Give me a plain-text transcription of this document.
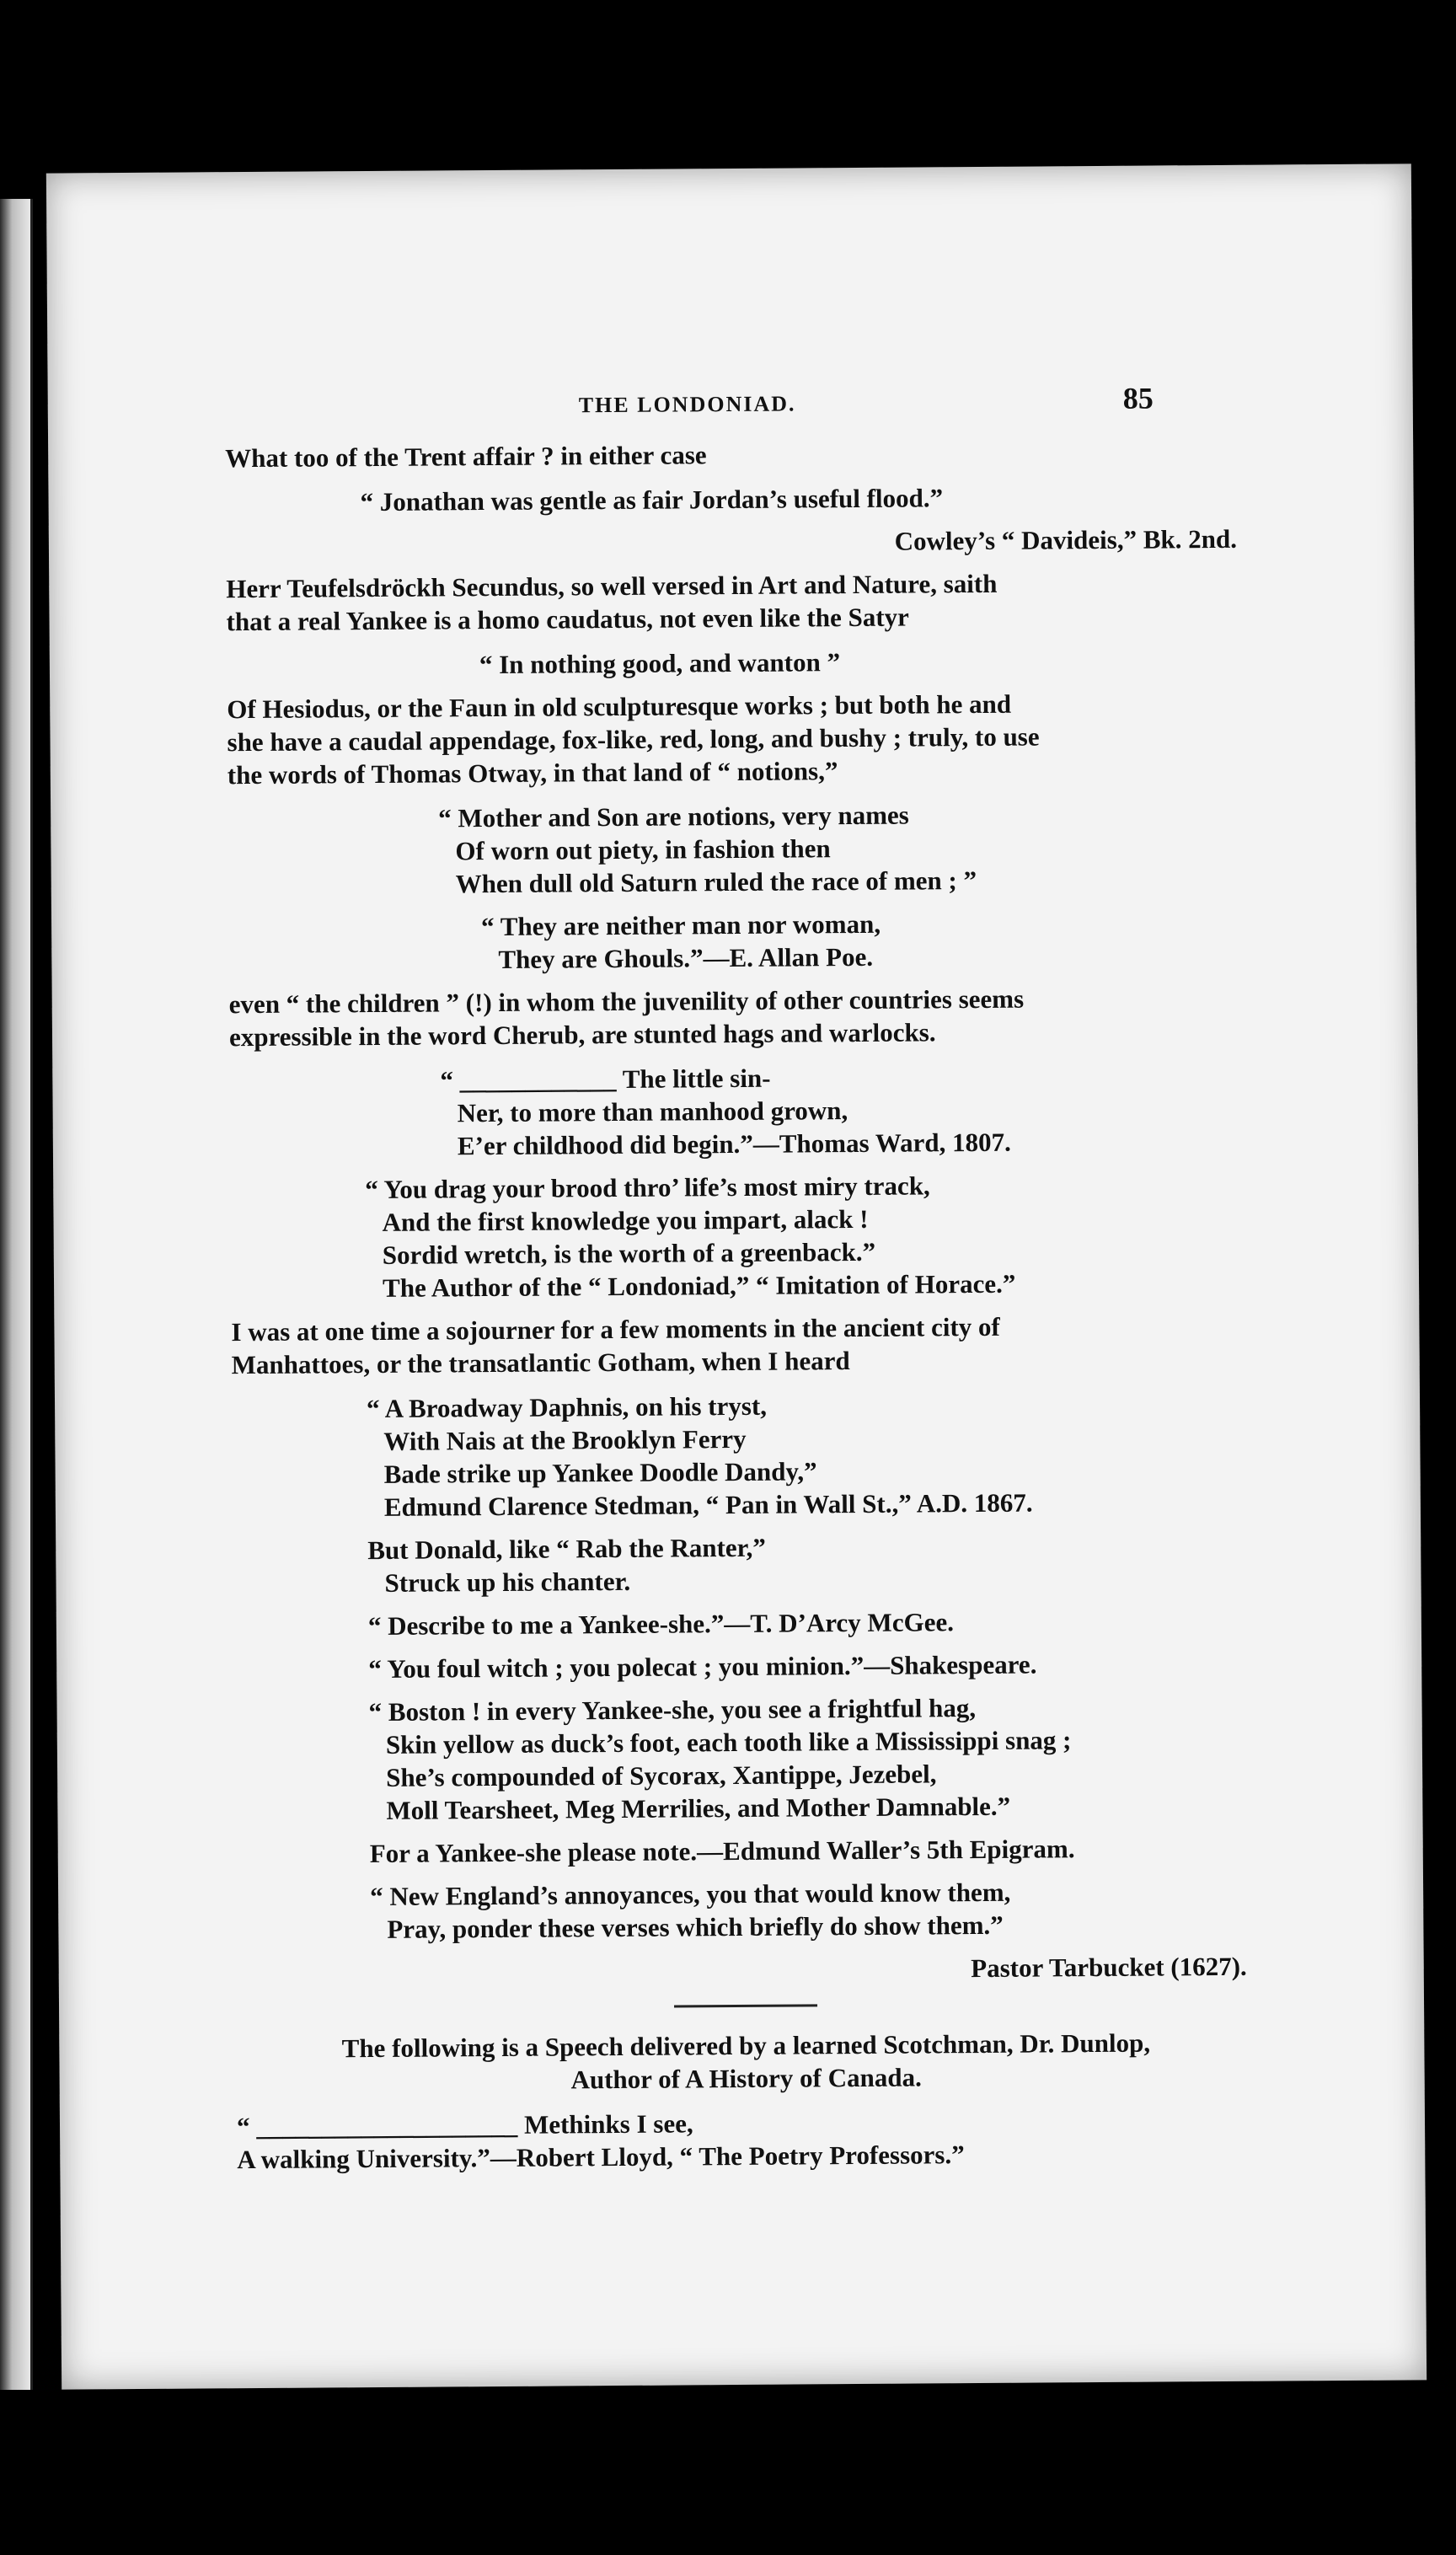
THE LONDONIAD.	85
What too of the Trent affair ? in either case
“ Jonathan was gentle as fair Jordan’s useful flood.”
Cowley’s “ Davideis,” Bk. 2nd.
Herr Teufelsdröckh Secundus, so well versed in Art and Nature, saith
that a real Yankee is a homo caudatus, not even like the Satyr
“ In nothing good, and wanton ”
Of Hesiodus, or the Faun in old sculpturesque works ; but both he and
she have a caudal appendage, fox-like, red, long, and bushy ; truly, to use
the words of Thomas Otway, in that land of “ notions,”
“ Mother and Son are notions, very names
Of worn out piety, in fashion then
When dull old Saturn ruled the race of men ; ”
“ They are neither man nor woman,
They are Ghouls.”—E. Allan Poe.
even “ the children ” (!) in whom the juvenility of other countries seems
expressible in the word Cherub, are stunted hags and warlocks.
“ ____________ The little sin-
Ner, to more than manhood grown,
E’er childhood did begin.”—Thomas Ward, 1807.
“ You drag your brood thro’ life’s most miry track,
And the first knowledge you impart, alack !
Sordid wretch, is the worth of a greenback.”
The Author of the “ Londoniad,” “ Imitation of Horace.”
I was at one time a sojourner for a few moments in the ancient city of
Manhattoes, or the transatlantic Gotham, when I heard
“ A Broadway Daphnis, on his tryst,
With Nais at the Brooklyn Ferry
Bade strike up Yankee Doodle Dandy,”
Edmund Clarence Stedman, “ Pan in Wall St.,” A.D. 1867.
But Donald, like “ Rab the Ranter,”
Struck up his chanter.
“ Describe to me a Yankee-she.”—T. D’Arcy McGee.
“ You foul witch ; you polecat ; you minion.”—Shakespeare.
“ Boston ! in every Yankee-she, you see a frightful hag,
Skin yellow as duck’s foot, each tooth like a Mississippi snag ;
She’s compounded of Sycorax, Xantippe, Jezebel,
Moll Tearsheet, Meg Merrilies, and Mother Damnable.”
For a Yankee-she please note.—Edmund Waller’s 5th Epigram.
“ New England’s annoyances, you that would know them,
Pray, ponder these verses which briefly do show them.”
Pastor Tarbucket (1627).
The following is a Speech delivered by a learned Scotchman, Dr. Dunlop,
Author of A History of Canada.
“ ____________________ Methinks I see,
A walking University.”—Robert Lloyd, “ The Poetry Professors.”
